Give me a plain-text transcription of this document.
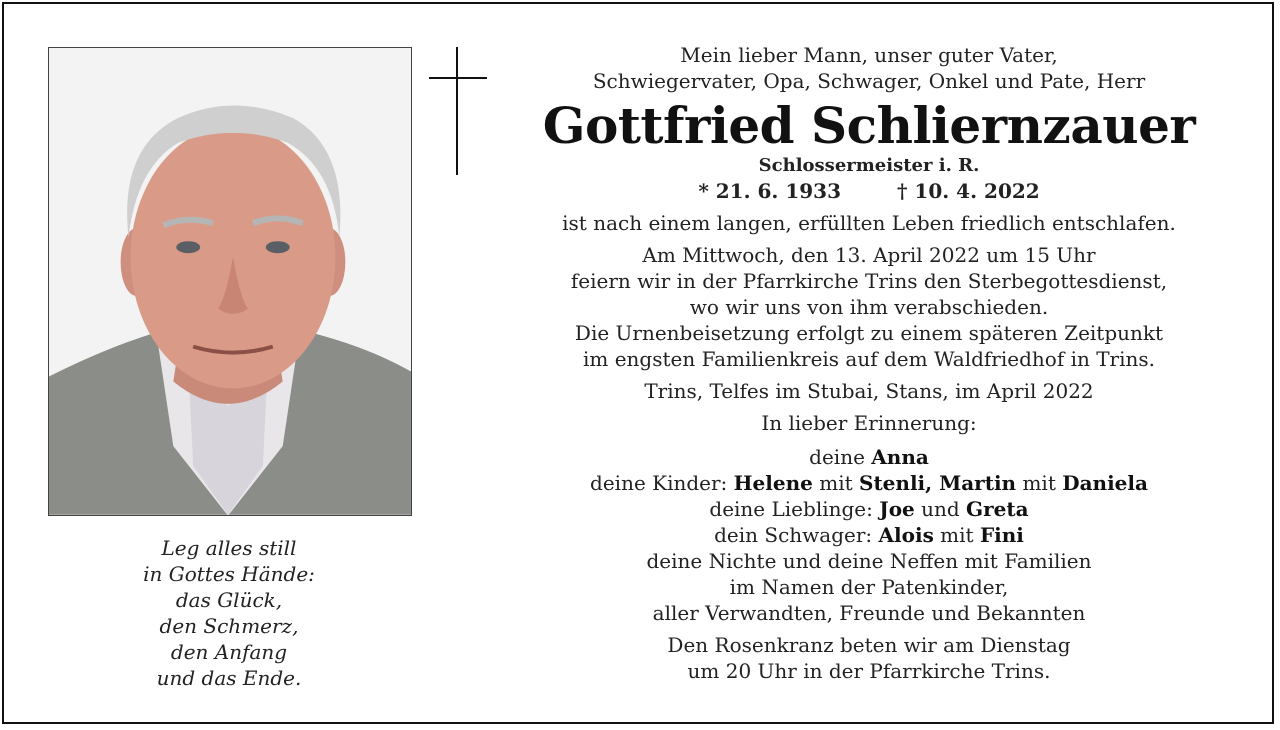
Leg alles still
in Gottes Hände:
das Glück,
den Schmerz,
den Anfang
und das Ende.
Mein lieber Mann, unser guter Vater,
Schwiegervater, Opa, Schwager, Onkel und Pate, Herr
Gottfried Schliernzauer
Schlossermeister i. R.
* 21. 6. 1933	† 10. 4. 2022
ist nach einem langen, erfüllten Leben friedlich entschlafen.
Am Mittwoch, den 13. April 2022 um 15 Uhr
feiern wir in der Pfarrkirche Trins den Sterbegottesdienst,
wo wir uns von ihm verabschieden.
Die Urnenbeisetzung erfolgt zu einem späteren Zeitpunkt
im engsten Familienkreis auf dem Waldfriedhof in Trins.
Trins, Telfes im Stubai, Stans, im April 2022
In lieber Erinnerung:
deine Anna
deine Kinder: Helene mit Stenli, Martin mit Daniela
deine Lieblinge: Joe und Greta
dein Schwager: Alois mit Fini
deine Nichte und deine Neffen mit Familien
im Namen der Patenkinder,
aller Verwandten, Freunde und Bekannten
Den Rosenkranz beten wir am Dienstag
um 20 Uhr in der Pfarrkirche Trins.
